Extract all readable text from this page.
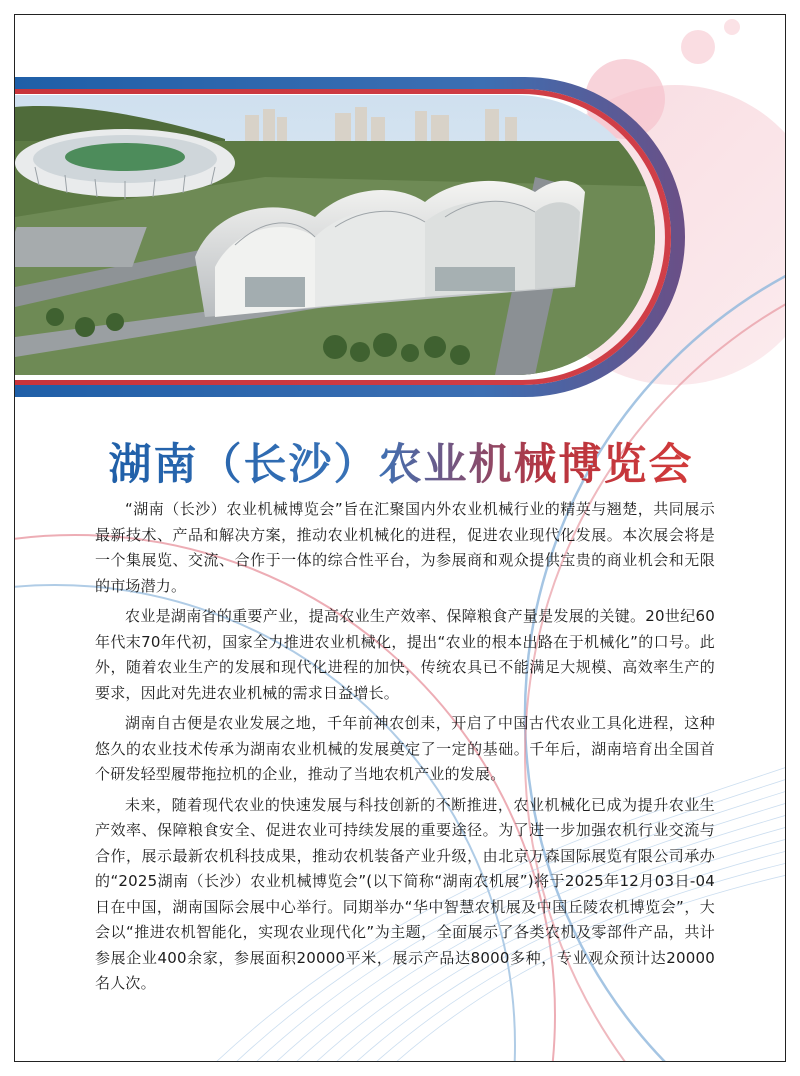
湖南（长沙）农业机械博览会

“湖南（长沙）农业机械博览会”旨在汇聚国内外农业机械行业的精英与翘楚，共同展示最新技术、产品和解决方案，推动农业机械化的进程，促进农业现代化发展。本次展会将是一个集展览、交流、合作于一体的综合性平台，为参展商和观众提供宝贵的商业机会和无限的市场潜力。

农业是湖南省的重要产业，提高农业生产效率、保障粮食产量是发展的关键。20世纪60年代末70年代初，国家全力推进农业机械化，提出“农业的根本出路在于机械化”的口号。此外，随着农业生产的发展和现代化进程的加快，传统农具已不能满足大规模、高效率生产的要求，因此对先进农业机械的需求日益增长。

湖南自古便是农业发展之地，千年前神农创耒，开启了中国古代农业工具化进程，这种悠久的农业技术传承为湖南农业机械的发展奠定了一定的基础。千年后，湖南培育出全国首个研发轻型履带拖拉机的企业，推动了当地农机产业的发展。

未来，随着现代农业的快速发展与科技创新的不断推进，农业机械化已成为提升农业生产效率、保障粮食安全、促进农业可持续发展的重要途径。为了进一步加强农机行业交流与合作，展示最新农机科技成果，推动农机装备产业升级，由北京万森国际展览有限公司承办的“2025湖南（长沙）农业机械博览会”(以下简称“湖南农机展”)将于2025年12月03日-04日在中国，湖南国际会展中心举行。同期举办“华中智慧农机展及中国丘陵农机博览会”，大会以“推进农机智能化，实现农业现代化”为主题，全面展示了各类农机及零部件产品，共计参展企业400余家，参展面积20000平米，展示产品达8000多种，专业观众预计达20000名人次。
